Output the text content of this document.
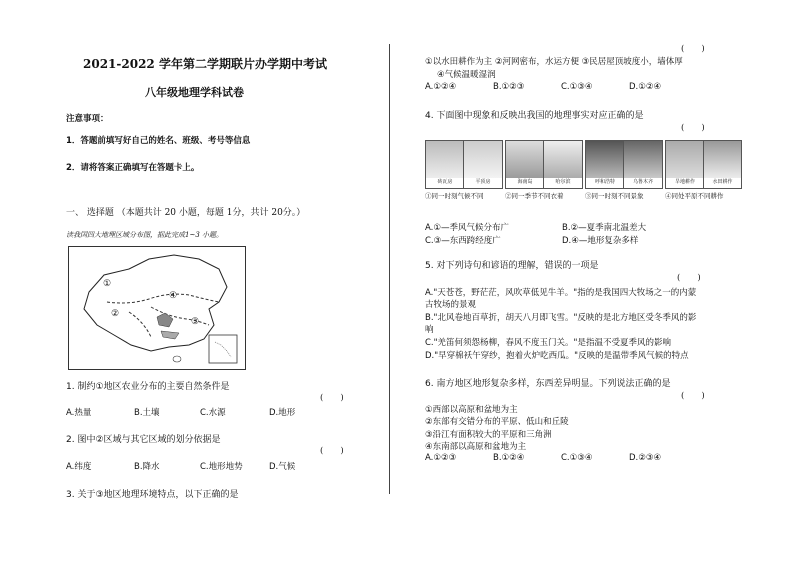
2021-2022 学年第二学期联片办学期中考试
八年级地理学科试卷
注意事项：
1．答题前填写好自己的姓名、班级、考号等信息
2．请将答案正确填写在答题卡上。
一、 选择题 （本题共计 20 小题，每题 1分，共计 20分。）
读我国四大地理区域分布图，据此完成1~3 小题。
①
②
③
④
1. 制约①地区农业分布的主要自然条件是
(　　)
A.热量	B.土壤	C.水源	D.地形
2. 图中②区域与其它区域的划分依据是
(　　)
A.纬度	B.降水	C.地形地势	D.气候
3. 关于③地区地理环境特点，以下正确的是
(　　)
①以水田耕作为主 ②河网密布，水运方便 ③民居屋顶坡度小，墙体厚
④气候温暖湿润
A.①②④	B.①②③	C.①③④	D.①②④
4. 下面图中现象和反映出我国的地理事实对应正确的是
(　　)
砖瓦房	平顶房	海南岛	哈尔滨	呼和浩特	乌鲁木齐	旱地耕作	水田耕作
①同一时刻气候不同	②同一季节不同衣着	③同一时刻不同景象	④同处平原不同耕作
A.①—季风气候分布广	B.②—夏季南北温差大
C.③—东西跨经度广	D.④—地形复杂多样
5. 对下列诗句和谚语的理解，错误的一项是
(　　)
A."天苍苍，野茫茫，风吹草低见牛羊。"指的是我国四大牧场之一的内蒙
古牧场的景观
B."北风卷地百草折，胡天八月即飞雪。"反映的是北方地区受冬季风的影
响
C."羌笛何须怨杨柳，春风不度玉门关。"是指温不受夏季风的影响
D."早穿棉袄午穿纱，抱着火炉吃西瓜。"反映的是温带季风气候的特点
6. 南方地区地形复杂多样，东西差异明显。下列说法正确的是
(　　)
①西部以高原和盆地为主
②东部有交错分布的平原、低山和丘陵
③沿江有面积较大的平原和三角洲
④东南部以高原和盆地为主
A.①②③	B.①②④	C.①③④	D.②③④
